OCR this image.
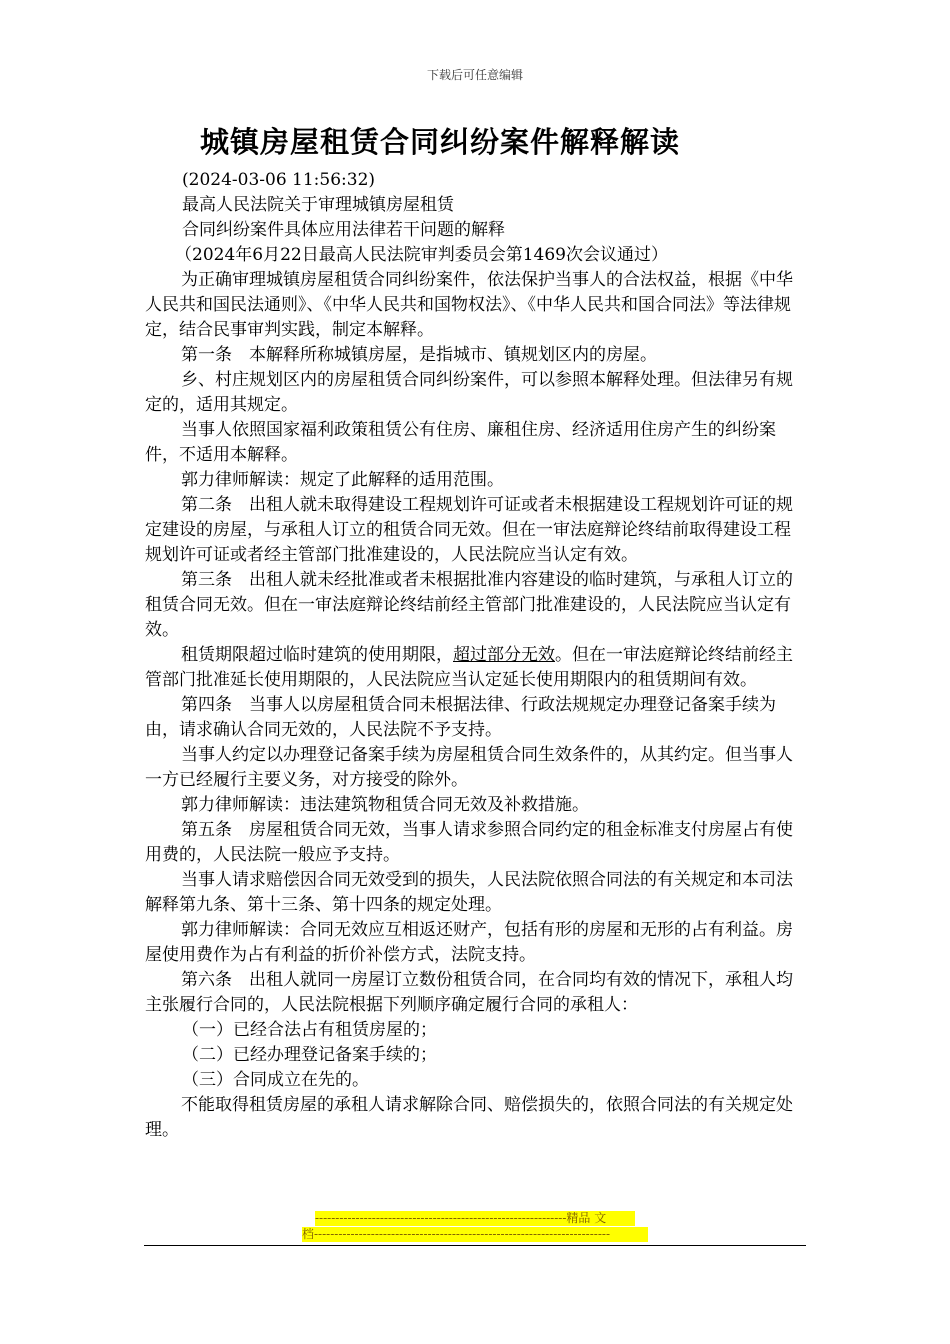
下载后可任意编辑
城镇房屋租赁合同纠纷案件解释解读

(2024-03-06 11:56:32)

最高人民法院关于审理城镇房屋租赁

合同纠纷案件具体应用法律若干问题的解释

（2024年6月22日最高人民法院审判委员会第1469次会议通过）

为正确审理城镇房屋租赁合同纠纷案件，依法保护当事人的合法权益，根据《中华人民共和国民法通则》、《中华人民共和国物权法》、《中华人民共和国合同法》等法律规定，结合民事审判实践，制定本解释。

第一条　本解释所称城镇房屋，是指城市、镇规划区内的房屋。

乡、村庄规划区内的房屋租赁合同纠纷案件，可以参照本解释处理。但法律另有规定的，适用其规定。

当事人依照国家福利政策租赁公有住房、廉租住房、经济适用住房产生的纠纷案件，不适用本解释。

郭力律师解读：规定了此解释的适用范围。

第二条　出租人就未取得建设工程规划许可证或者未根据建设工程规划许可证的规定建设的房屋，与承租人订立的租赁合同无效。但在一审法庭辩论终结前取得建设工程规划许可证或者经主管部门批准建设的，人民法院应当认定有效。

第三条　出租人就未经批准或者未根据批准内容建设的临时建筑，与承租人订立的租赁合同无效。但在一审法庭辩论终结前经主管部门批准建设的，人民法院应当认定有效。

租赁期限超过临时建筑的使用期限，超过部分无效。但在一审法庭辩论终结前经主管部门批准延长使用期限的，人民法院应当认定延长使用期限内的租赁期间有效。

第四条　当事人以房屋租赁合同未根据法律、行政法规规定办理登记备案手续为由，请求确认合同无效的，人民法院不予支持。

当事人约定以办理登记备案手续为房屋租赁合同生效条件的，从其约定。但当事人一方已经履行主要义务，对方接受的除外。

郭力律师解读：违法建筑物租赁合同无效及补救措施。

第五条　房屋租赁合同无效，当事人请求参照合同约定的租金标准支付房屋占有使用费的，人民法院一般应予支持。

当事人请求赔偿因合同无效受到的损失，人民法院依照合同法的有关规定和本司法解释第九条、第十三条、第十四条的规定处理。

郭力律师解读：合同无效应互相返还财产，包括有形的房屋和无形的占有利益。房屋使用费作为占有利益的折价补偿方式，法院支持。

第六条　出租人就同一房屋订立数份租赁合同，在合同均有效的情况下，承租人均主张履行合同的，人民法院根据下列顺序确定履行合同的承租人：

（一）已经合法占有租赁房屋的；

（二）已经办理登记备案手续的；

（三）合同成立在先的。

不能取得租赁房屋的承租人请求解除合同、赔偿损失的，依照合同法的有关规定处理。

--------------------------------------------------------------精品 文
档-------------------------------------------------------------------------
